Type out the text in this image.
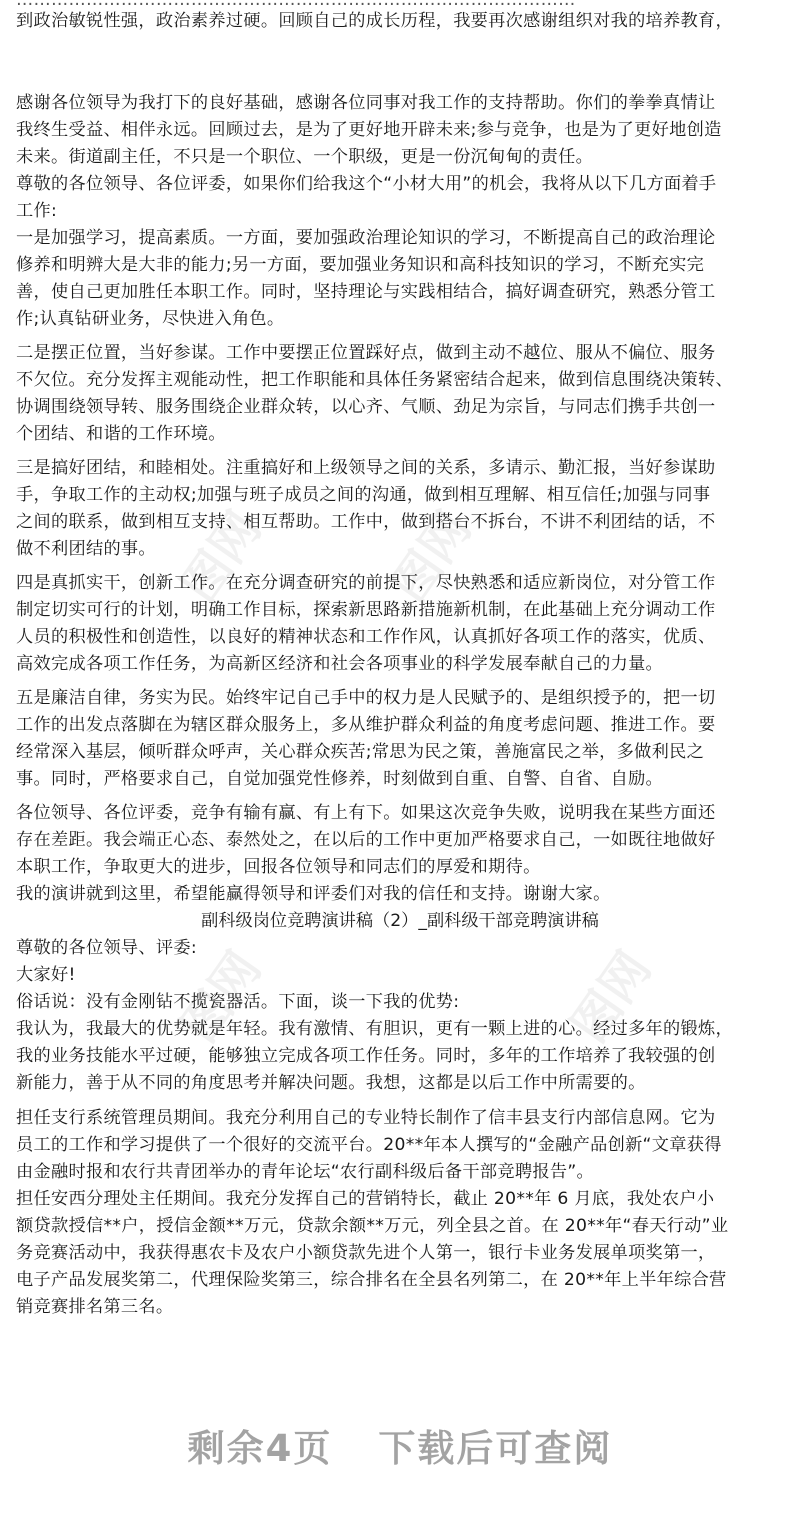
图网 图网
图网	图网
……………………………………………………………………………………
到政治敏锐性强，政治素养过硬。回顾自己的成长历程，我要再次感谢组织对我的培养教育，
感谢各位领导为我打下的良好基础，感谢各位同事对我工作的支持帮助。你们的拳拳真情让
我终生受益、相伴永远。回顾过去，是为了更好地开辟未来;参与竞争，也是为了更好地创造
未来。街道副主任，不只是一个职位、一个职级，更是一份沉甸甸的责任。
尊敬的各位领导、各位评委，如果你们给我这个“小材大用”的机会，我将从以下几方面着手
工作:
一是加强学习，提高素质。一方面，要加强政治理论知识的学习，不断提高自己的政治理论
修养和明辨大是大非的能力;另一方面，要加强业务知识和高科技知识的学习，不断充实完
善，使自己更加胜任本职工作。同时，坚持理论与实践相结合，搞好调查研究，熟悉分管工
作;认真钻研业务，尽快进入角色。
二是摆正位置，当好参谋。工作中要摆正位置踩好点，做到主动不越位、服从不偏位、服务
不欠位。充分发挥主观能动性，把工作职能和具体任务紧密结合起来，做到信息围绕决策转、
协调围绕领导转、服务围绕企业群众转，以心齐、气顺、劲足为宗旨，与同志们携手共创一
个团结、和谐的工作环境。
三是搞好团结，和睦相处。注重搞好和上级领导之间的关系，多请示、勤汇报，当好参谋助
手，争取工作的主动权;加强与班子成员之间的沟通，做到相互理解、相互信任;加强与同事
之间的联系，做到相互支持、相互帮助。工作中，做到搭台不拆台，不讲不利团结的话，不
做不利团结的事。
四是真抓实干，创新工作。在充分调查研究的前提下，尽快熟悉和适应新岗位，对分管工作
制定切实可行的计划，明确工作目标，探索新思路新措施新机制，在此基础上充分调动工作
人员的积极性和创造性，以良好的精神状态和工作作风，认真抓好各项工作的落实，优质、
高效完成各项工作任务，为高新区经济和社会各项事业的科学发展奉献自己的力量。
五是廉洁自律，务实为民。始终牢记自己手中的权力是人民赋予的、是组织授予的，把一切
工作的出发点落脚在为辖区群众服务上，多从维护群众利益的角度考虑问题、推进工作。要
经常深入基层，倾听群众呼声，关心群众疾苦;常思为民之策，善施富民之举，多做利民之
事。同时，严格要求自己，自觉加强党性修养，时刻做到自重、自警、自省、自励。
各位领导、各位评委，竞争有输有赢、有上有下。如果这次竞争失败，说明我在某些方面还
存在差距。我会端正心态、泰然处之，在以后的工作中更加严格要求自己，一如既往地做好
本职工作，争取更大的进步，回报各位领导和同志们的厚爱和期待。
我的演讲就到这里，希望能赢得领导和评委们对我的信任和支持。谢谢大家。
副科级岗位竞聘演讲稿（2）_副科级干部竞聘演讲稿
尊敬的各位领导、评委:
大家好!
俗话说：没有金刚钻不揽瓷器活。下面，谈一下我的优势:
我认为，我最大的优势就是年轻。我有激情、有胆识，更有一颗上进的心。经过多年的锻炼，
我的业务技能水平过硬，能够独立完成各项工作任务。同时，多年的工作培养了我较强的创
新能力，善于从不同的角度思考并解决问题。我想，这都是以后工作中所需要的。
担任支行系统管理员期间。我充分利用自己的专业特长制作了信丰县支行内部信息网。它为
员工的工作和学习提供了一个很好的交流平台。20**年本人撰写的“金融产品创新“文章获得
由金融时报和农行共青团举办的青年论坛“农行副科级后备干部竞聘报告”。
担任安西分理处主任期间。我充分发挥自己的营销特长，截止 20**年 6 月底，我处农户小
额贷款授信**户，授信金额**万元，贷款余额**万元，列全县之首。在 20**年“春天行动”业
务竞赛活动中，我获得惠农卡及农户小额贷款先进个人第一，银行卡业务发展单项奖第一，
电子产品发展奖第二，代理保险奖第三，综合排名在全县名列第二，在 20**年上半年综合营
销竞赛排名第三名。
剩余4页 下载后可查阅
